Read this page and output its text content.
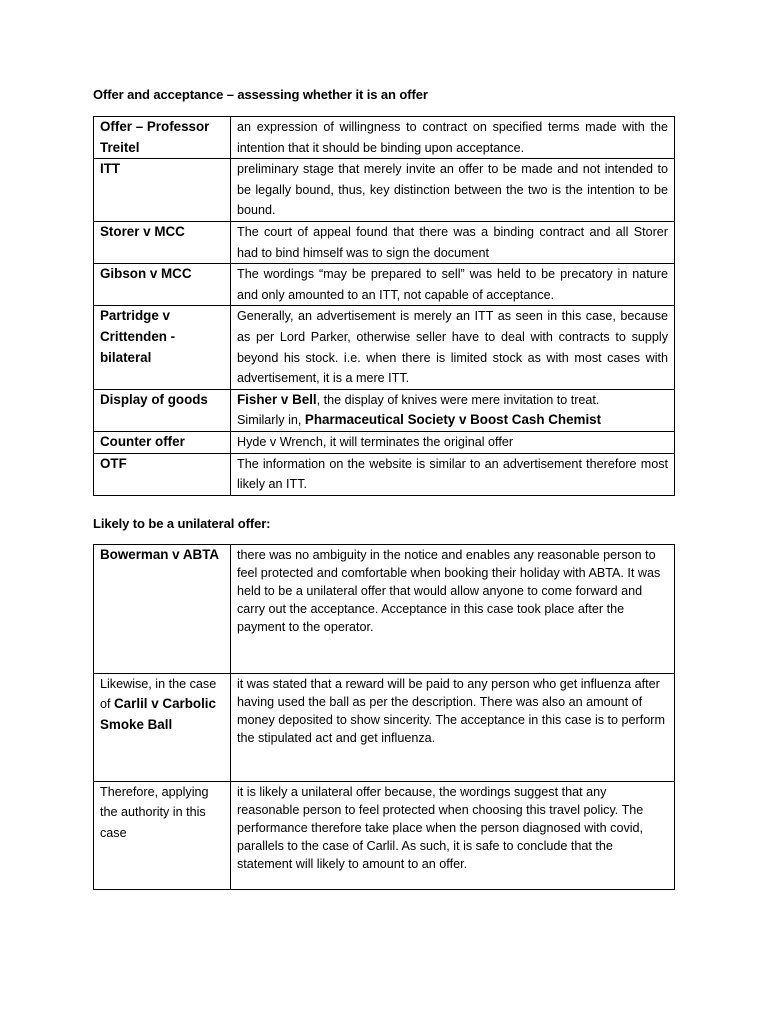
Offer and acceptance – assessing whether it is an offer
Offer – Professor Treitel	an expression of willingness to contract on specified terms made with the intention that it should be binding upon acceptance.
ITT	preliminary stage that merely invite an offer to be made and not intended to be legally bound, thus, key distinction between the two is the intention to be bound.
Storer v MCC	The court of appeal found that there was a binding contract and all Storer had to bind himself was to sign the document
Gibson v MCC	The wordings “may be prepared to sell” was held to be precatory in nature and only amounted to an ITT, not capable of acceptance.
Partridge v Crittenden - bilateral	Generally, an advertisement is merely an ITT as seen in this case, because as per Lord Parker, otherwise seller have to deal with contracts to supply beyond his stock. i.e. when there is limited stock as with most cases with advertisement, it is a mere ITT.
Display of goods	Fisher v Bell, the display of knives were mere invitation to treat.
Similarly in, Pharmaceutical Society v Boost Cash Chemist
Counter offer	Hyde v Wrench, it will terminates the original offer
OTF	The information on the website is similar to an advertisement therefore most likely an ITT.
Likely to be a unilateral offer:
Bowerman v ABTA	there was no ambiguity in the notice and enables any reasonable person to feel protected and comfortable when booking their holiday with ABTA. It was held to be a unilateral offer that would allow anyone to come forward and carry out the acceptance. Acceptance in this case took place after the payment to the operator.
Likewise, in the case of Carlil v Carbolic Smoke Ball	it was stated that a reward will be paid to any person who get influenza after having used the ball as per the description. There was also an amount of money deposited to show sincerity. The acceptance in this case is to perform the stipulated act and get influenza.
Therefore, applying the authority in this case	it is likely a unilateral offer because, the wordings suggest that any reasonable person to feel protected when choosing this travel policy. The performance therefore take place when the person diagnosed with covid, parallels to the case of Carlil. As such, it is safe to conclude that the statement will likely to amount to an offer.
